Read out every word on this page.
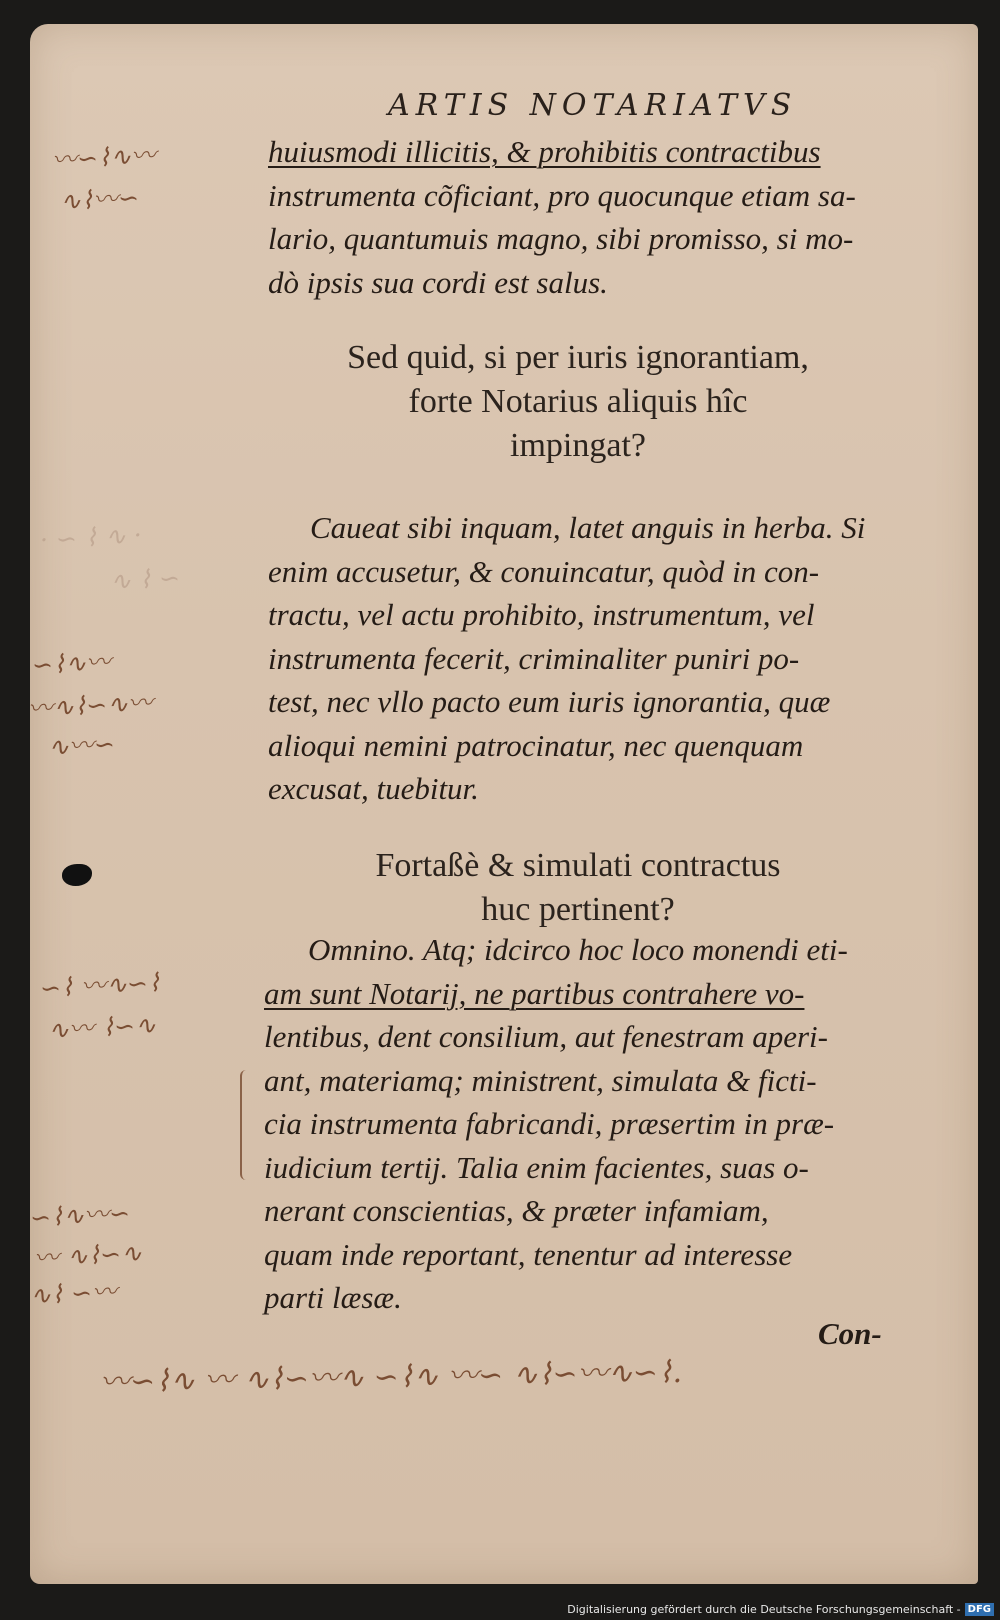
ARTIS NOTARIATVS
〰︎∽⌇∿〰︎
∿⌇〰︎∽
· ∽ ⌇ ∿ ·
∿ ⌇ ∽
∽⌇∿〰︎
〰︎∿⌇∽∿〰︎
∿〰︎∽
∽⌇ 〰︎∿∽⌇
∿〰︎ ⌇∽∿
∽⌇∿〰︎∽
〰︎ ∿⌇∽∿
∿⌇ ∽〰︎
〰︎∽⌇∿ 〰︎ ∿⌇∽〰︎∿ ∽⌇∿ 〰︎∽ ∿⌇∽〰︎∿∽⌇.
huiusmodi illicitis, & prohibitis contractibus
instrumenta cõficiant, pro quocunque etiam sa-
lario, quantumuis magno, sibi promisso, si mo-
dò ipsis sua cordi est salus.
Sed quid, si per iuris ignorantiam,
forte Notarius aliquis hîc
impingat?
Caueat sibi inquam, latet anguis in herba. Si
enim accusetur, & conuincatur, quòd in con-
tractu, vel actu prohibito, instrumentum, vel
instrumenta fecerit, criminaliter puniri po-
test, nec vllo pacto eum iuris ignorantia, quæ
alioqui nemini patrocinatur, nec quenquam
excusat, tuebitur.
Fortaßè & simulati contractus
huc pertinent?
Omnino. Atq; idcirco hoc loco monendi eti-
am sunt Notarij, ne partibus contrahere vo-
lentibus, dent consilium, aut fenestram aperi-
ant, materiamq; ministrent, simulata & ficti-
cia instrumenta fabricandi, præsertim in præ-
iudicium tertij. Talia enim facientes, suas o-
nerant conscientias, & præter infamiam,
quam inde reportant, tenentur ad interesse
parti læsæ.
Con-
Digitalisierung gefördert durch die Deutsche Forschungsgemeinschaft - DFG
